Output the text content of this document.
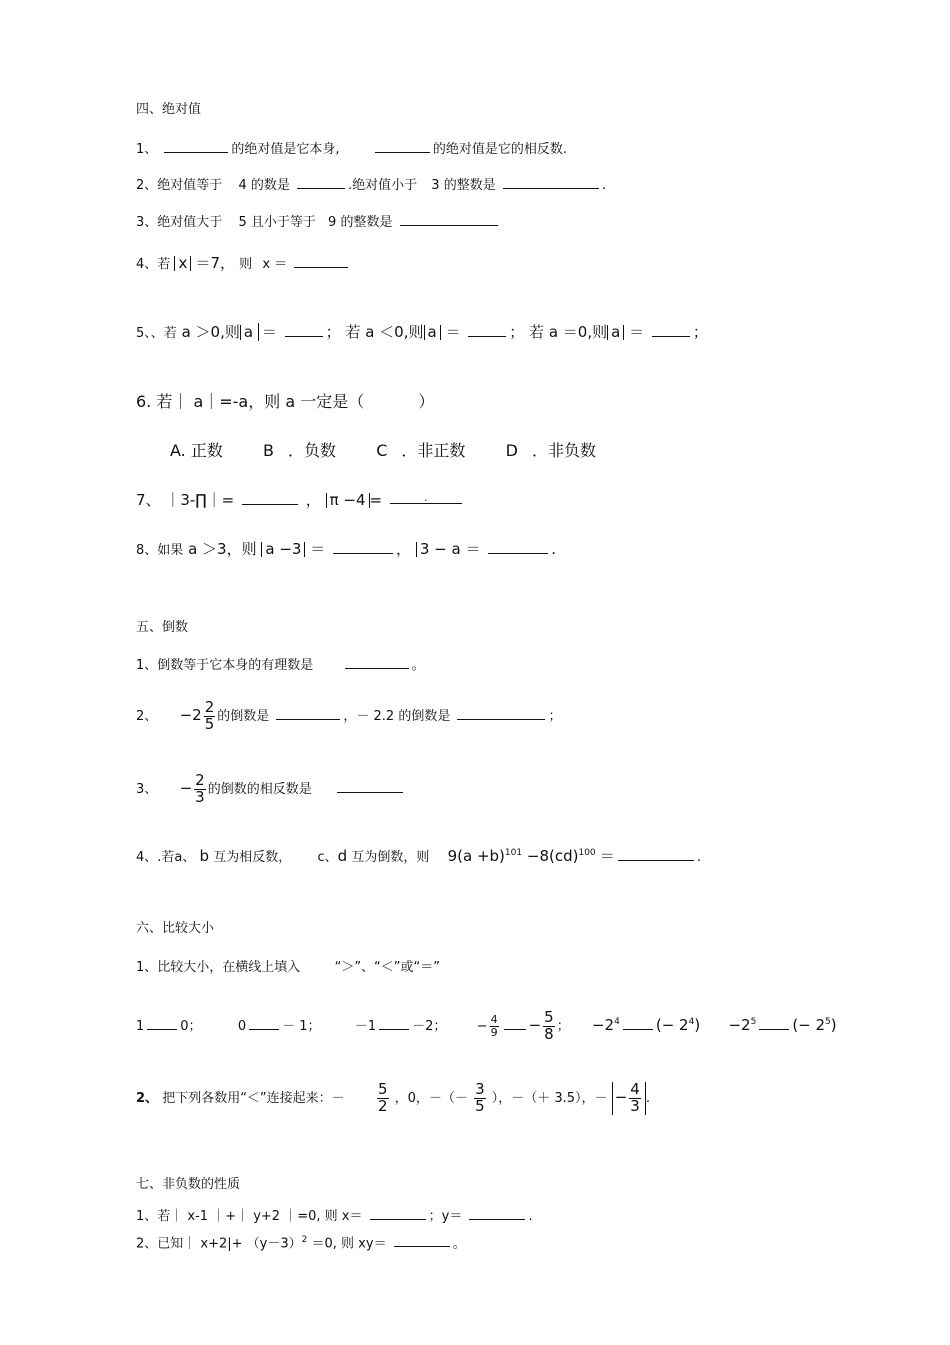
四、绝对值
1、	的绝对值是它本身,	的绝对值是它的相反数.
2、绝对值等于 4 的数是	.绝对值小于 3 的整数是	.
3、绝对值大于 5 且小于等于 9 的整数是
4、若 x ＝7， 则 x ＝
5、、若 a ＞0,则 a ＝	； 若 a ＜0,则 a ＝	； 若 a ＝0,则 a ＝	；
6. 若｜ a｜=-a，则 a 一定是（	）
A. 正数	B ．负数	C ．非正数	D ．非负数
7、 ｜3-∏｜=	， π −4 =	.
8、如果 a ＞3，则 a −3 ＝	， 3 − a ＝	.
五、倒数
1、倒数等于它本身的有理数是	。
2、 $-2 \frac{2}{5}$ 的倒数是	，－ 2.2 的倒数是	；
3、 − $\frac{2}{3}$ 的倒数的相反数是
4、.若a、 b 互为相反数， c、d 互为倒数，则 $9(a +b)^{101} -8(cd)^{100}$ ＝	.
六、比较大小
1、比较大小，在横线上填入	“＞”、“＜”或“＝”
1	0；	0	－ 1；	－1	－2； − $\frac{4}{9} - \frac{5}{8}$ ； $-2^4$ (− $2^4) -2^5$ (− $2^5$)
2、 把下列各数用“＜”连接起来：－ $\frac{5}{2}$ ，0，－（－ $\frac{3}{5}$ ），－（＋ 3.5），－ − $\frac{4}{3}$ .
七、非负数的性质
1、若｜ x-1 ｜+｜ y+2 ｜=0, 则 x＝	；y＝	.
2、已知｜ $x+2|+ (y-3)^2 =0$, 则 xy＝	。
